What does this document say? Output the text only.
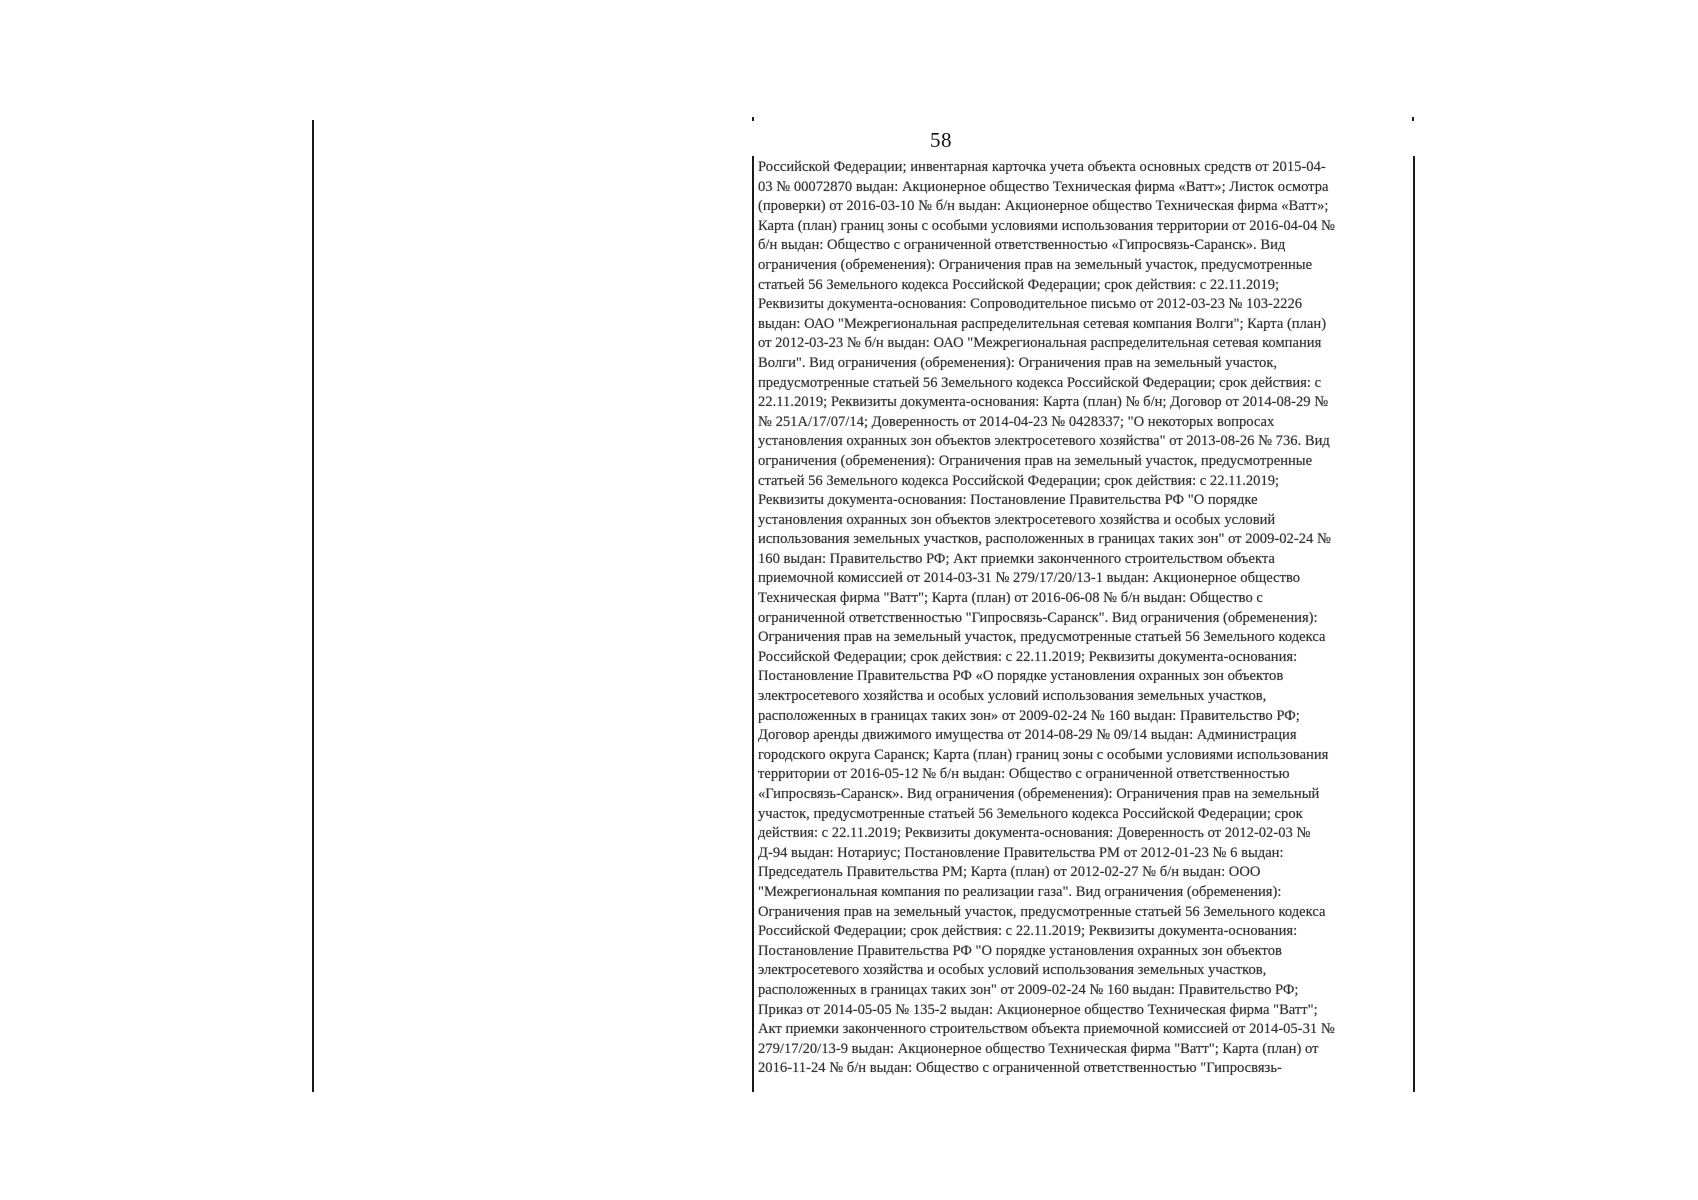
58
Российской Федерации; инвентарная карточка учета объекта основных средств от 2015-04-
03 № 00072870 выдан: Акционерное общество Техническая фирма «Ватт»; Листок осмотра
(проверки) от 2016-03-10 № б/н выдан: Акционерное общество Техническая фирма «Ватт»;
Карта (план) границ зоны с особыми условиями использования территории от 2016-04-04 №
б/н выдан: Общество с ограниченной ответственностью «Гипросвязь-Саранск». Вид
ограничения (обременения): Ограничения прав на земельный участок, предусмотренные
статьей 56 Земельного кодекса Российской Федерации; срок действия: с 22.11.2019;
Реквизиты документа-основания: Сопроводительное письмо от 2012-03-23 № 103-2226
выдан: ОАО "Межрегиональная распределительная сетевая компания Волги"; Карта (план)
от 2012-03-23 № б/н выдан: ОАО "Межрегиональная распределительная сетевая компания
Волги". Вид ограничения (обременения): Ограничения прав на земельный участок,
предусмотренные статьей 56 Земельного кодекса Российской Федерации; срок действия: с
22.11.2019; Реквизиты документа-основания: Карта (план) № б/н; Договор от 2014-08-29 №
№ 251А/17/07/14; Доверенность от 2014-04-23 № 0428337; "О некоторых вопросах
установления охранных зон объектов электросетевого хозяйства" от 2013-08-26 № 736. Вид
ограничения (обременения): Ограничения прав на земельный участок, предусмотренные
статьей 56 Земельного кодекса Российской Федерации; срок действия: с 22.11.2019;
Реквизиты документа-основания: Постановление Правительства РФ "О порядке
установления охранных зон объектов электросетевого хозяйства и особых условий
использования земельных участков, расположенных в границах таких зон" от 2009-02-24 №
160 выдан: Правительство РФ; Акт приемки законченного строительством объекта
приемочной комиссией от 2014-03-31 № 279/17/20/13-1 выдан: Акционерное общество
Техническая фирма "Ватт"; Карта (план) от 2016-06-08 № б/н выдан: Общество с
ограниченной ответственностью "Гипросвязь-Саранск". Вид ограничения (обременения):
Ограничения прав на земельный участок, предусмотренные статьей 56 Земельного кодекса
Российской Федерации; срок действия: с 22.11.2019; Реквизиты документа-основания:
Постановление Правительства РФ «О порядке установления охранных зон объектов
электросетевого хозяйства и особых условий использования земельных участков,
расположенных в границах таких зон» от 2009-02-24 № 160 выдан: Правительство РФ;
Договор аренды движимого имущества от 2014-08-29 № 09/14 выдан: Администрация
городского округа Саранск; Карта (план) границ зоны с особыми условиями использования
территории от 2016-05-12 № б/н выдан: Общество с ограниченной ответственностью
«Гипросвязь-Саранск». Вид ограничения (обременения): Ограничения прав на земельный
участок, предусмотренные статьей 56 Земельного кодекса Российской Федерации; срок
действия: с 22.11.2019; Реквизиты документа-основания: Доверенность от 2012-02-03 №
Д-94 выдан: Нотариус; Постановление Правительства РМ от 2012-01-23 № 6 выдан:
Председатель Правительства РМ; Карта (план) от 2012-02-27 № б/н выдан: ООО
"Межрегиональная компания по реализации газа". Вид ограничения (обременения):
Ограничения прав на земельный участок, предусмотренные статьей 56 Земельного кодекса
Российской Федерации; срок действия: с 22.11.2019; Реквизиты документа-основания:
Постановление Правительства РФ "О порядке установления охранных зон объектов
электросетевого хозяйства и особых условий использования земельных участков,
расположенных в границах таких зон" от 2009-02-24 № 160 выдан: Правительство РФ;
Приказ от 2014-05-05 № 135-2 выдан: Акционерное общество Техническая фирма "Ватт";
Акт приемки законченного строительством объекта приемочной комиссией от 2014-05-31 №
279/17/20/13-9 выдан: Акционерное общество Техническая фирма "Ватт"; Карта (план) от
2016-11-24 № б/н выдан: Общество с ограниченной ответственностью "Гипросвязь-
